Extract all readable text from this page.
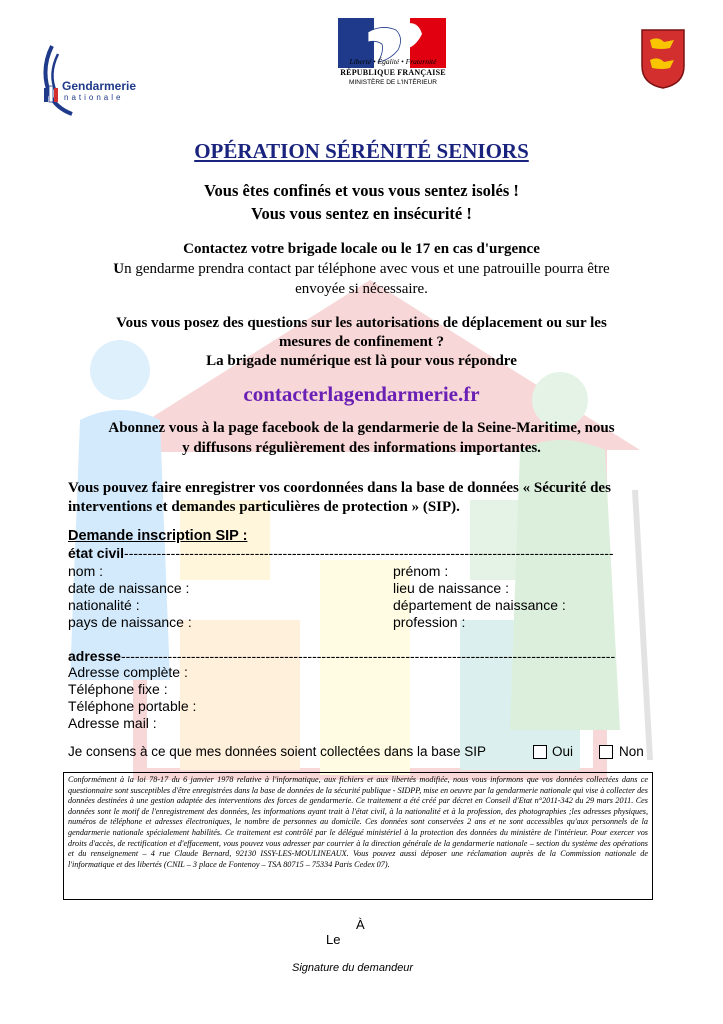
Gendarmerie
nationale
Liberté • Égalité • Fraternité
RÉPUBLIQUE FRANÇAISE
MINISTÈRE DE L'INTÉRIEUR
OPÉRATION SÉRÉNITÉ SENIORS
Vous êtes confinés et vous vous sentez isolés !
Vous vous sentez en insécurité !
Contactez votre brigade locale ou le 17 en cas d'urgence
Un gendarme prendra contact par téléphone avec vous et une patrouille pourra être
envoyée si nécessaire.
Vous vous posez des questions sur les autorisations de déplacement ou sur les
mesures de confinement ?
La brigade numérique est là pour vous répondre
contacterlagendarmerie.fr
Abonnez vous à la page facebook de la gendarmerie de la Seine-Maritime, nous
y diffusons régulièrement des informations importantes.
Vous pouvez faire enregistrer vos coordonnées dans la base de données « Sécurité des
interventions et demandes particulières de protection » (SIP).
Demande inscription SIP :
état civil---------------------------------------------------------------------------------------------------------
nom :
date de naissance :
nationalité :
pays de naissance :
prénom :
lieu de naissance :
département de naissance :
profession :
adresse----------------------------------------------------------------------------------------------------------
Adresse complète :
Téléphone fixe :
Téléphone portable :
Adresse mail :
Je consens à ce que mes données soient collectées dans la base SIP	Oui	Non
Conformément à la loi 78-17 du 6 janvier 1978 relative à l'informatique, aux fichiers et aux libertés modifiée, nous vous informons que vos données collectées dans ce questionnaire sont susceptibles d'être enregistrées dans la base de données de la sécurité publique - SIDPP, mise en oeuvre par la gendarmerie nationale qui vise à collecter des données destinées à une gestion adaptée des interventions des forces de gendarmerie. Ce traitement a été créé par décret en Conseil d'Etat n°2011-342 du 29 mars 2011. Ces données sont le motif de l'enregistrement des données, les informations ayant trait à l'état civil, à la nationalité et à la profession, des photographies ;les adresses physiques, numéros de téléphone et adresses électroniques, le nombre de personnes au domicile. Ces données sont conservées 2 ans et ne sont accessibles qu'aux personnels de la gendarmerie nationale spécialement habilités. Ce traitement est contrôlé par le délégué ministériel à la protection des données du ministère de l'intérieur. Pour exercer vos droits d'accès, de rectification et d'effacement, vous pouvez vous adresser par courrier à la direction générale de la gendarmerie nationale – section du système des opérations et du renseignement – 4 rue Claude Bernard, 92130 ISSY-LES-MOULINEAUX. Vous pouvez aussi déposer une réclamation auprès de la Commission nationale de l'informatique et des libertés (CNIL – 3 place de Fontenoy – TSA 80715 – 75334 Paris Cedex 07).
À
Le
Signature du demandeur
